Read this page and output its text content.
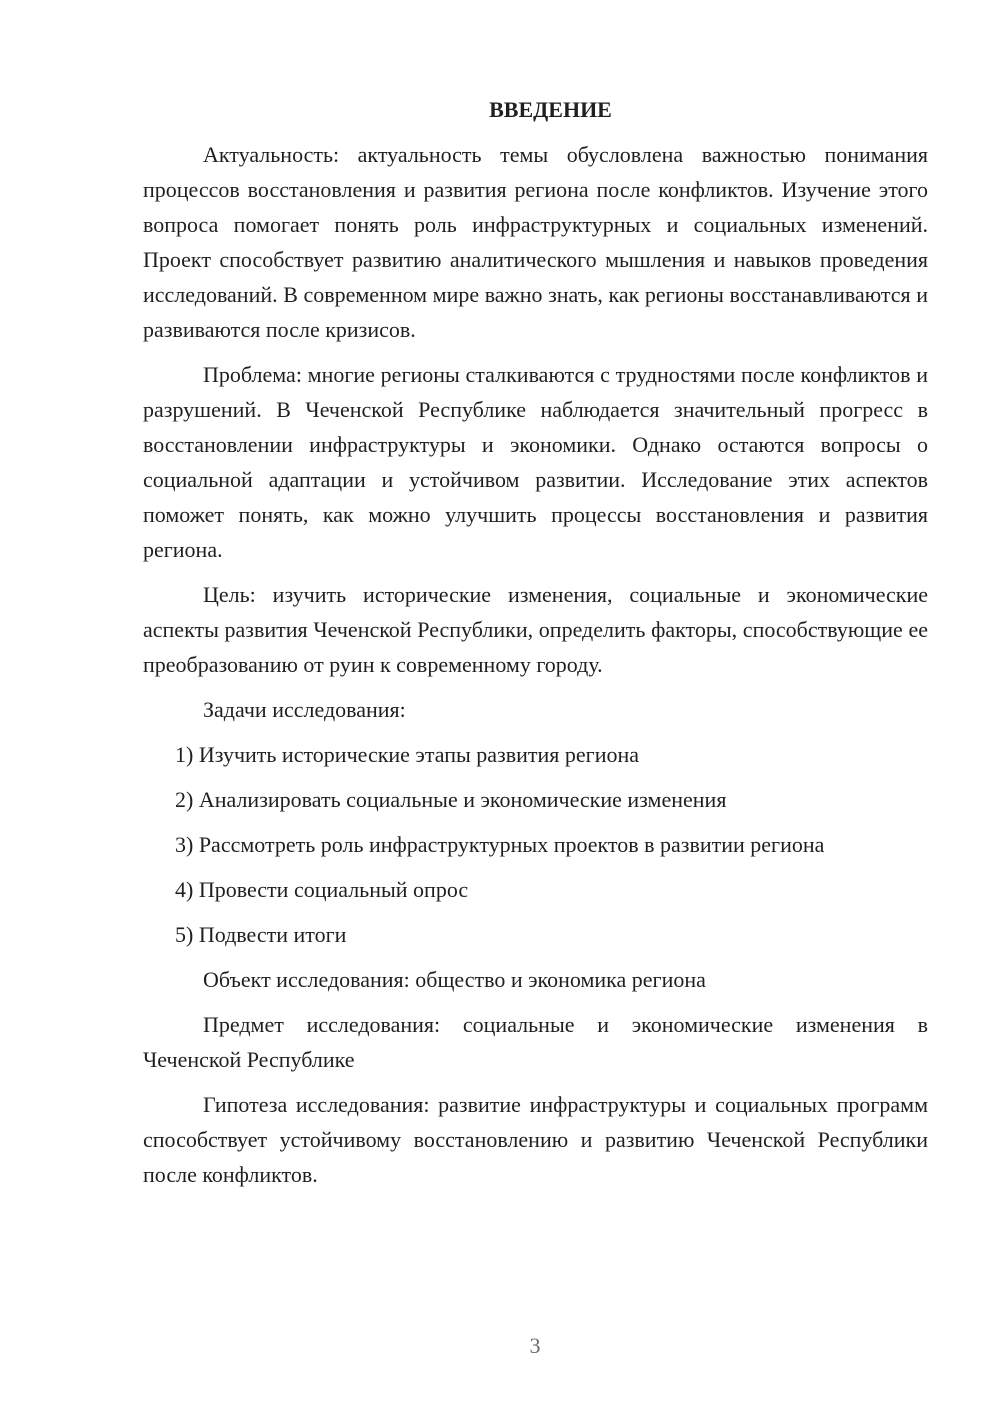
ВВЕДЕНИЕ

Актуальность: актуальность темы обусловлена важностью понимания процессов восстановления и развития региона после конфликтов. Изучение этого вопроса помогает понять роль инфраструктурных и социальных изменений. Проект способствует развитию аналитического мышления и навыков проведения исследований. В современном мире важно знать, как регионы восстанавливаются и развиваются после кризисов.

Проблема: многие регионы сталкиваются с трудностями после конфликтов и разрушений. В Чеченской Республике наблюдается значительный прогресс в восстановлении инфраструктуры и экономики. Однако остаются вопросы о социальной адаптации и устойчивом развитии. Исследование этих аспектов поможет понять, как можно улучшить процессы восстановления и развития региона.

Цель: изучить исторические изменения, социальные и экономические аспекты развития Чеченской Республики, определить факторы, способствующие ее преобразованию от руин к современному городу.

Задачи исследования:

1) Изучить исторические этапы развития региона
2) Анализировать социальные и экономические изменения
3) Рассмотреть роль инфраструктурных проектов в развитии региона
4) Провести социальный опрос
5) Подвести итоги

Объект исследования: общество и экономика региона

Предмет исследования: социальные и экономические изменения в Чеченской Республике

Гипотеза исследования: развитие инфраструктуры и социальных программ способствует устойчивому восстановлению и развитию Чеченской Республики после конфликтов.

3
